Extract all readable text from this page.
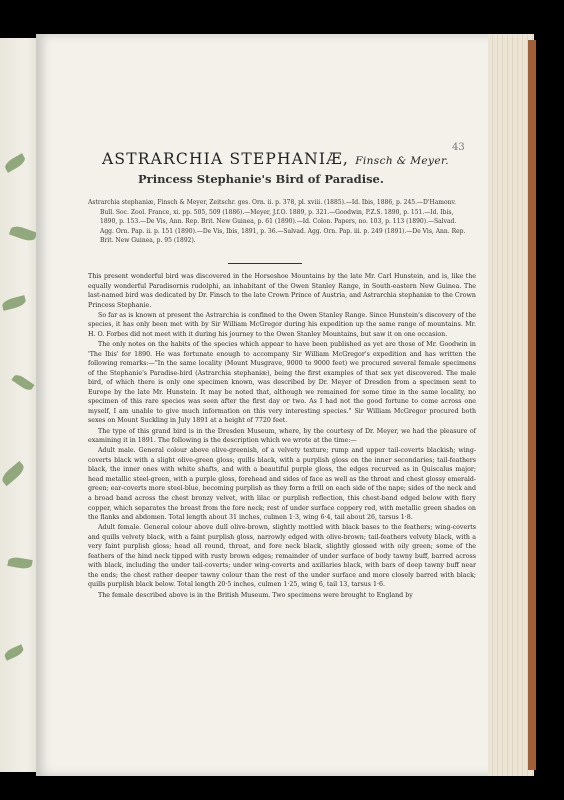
43
ASTRARCHIA STEPHANIÆ, Finsch & Meyer.
Princess Stephanie's Bird of Paradise.

Astrarchia stephaniæ, Finsch & Meyer, Zeitschr. ges. Orn. ii. p. 378, pl. xviii. (1885).—Id. Ibis, 1886, p. 245.—D'Hamonv. Bull. Soc. Zool. France, xi. pp. 505, 509 (1886).—Meyer, J.f.O. 1889, p. 321.—Goodwin, P.Z.S. 1890, p. 151.—Id. Ibis, 1890, p. 153.—De Vis, Ann. Rep. Brit. New Guinea, p. 61 (1890).—Id. Colon. Papers, no. 103, p. 113 (1890).—Salvad. Agg. Orn. Pap. ii. p. 151 (1890).—De Vis, Ibis, 1891, p. 36.—Salvad. Agg. Orn. Pap. iii. p. 249 (1891).—De Vis, Ann. Rep. Brit. New Guinea, p. 95 (1892).

This present wonderful bird was discovered in the Horseshoe Mountains by the late Mr. Carl Hunstein, and is, like the equally wonderful Paradisornis rudolphi, an inhabitant of the Owen Stanley Range, in South-eastern New Guinea. The last-named bird was dedicated by Dr. Finsch to the late Crown Prince of Austria, and Astrarchia stephaniæ to the Crown Princess Stephanie.

So far as is known at present the Astrarchia is confined to the Owen Stanley Range. Since Hunstein's discovery of the species, it has only been met with by Sir William McGregor during his expedition up the same range of mountains. Mr. H. O. Forbes did not meet with it during his journey to the Owen Stanley Mountains, but saw it on one occasion.

The only notes on the habits of the species which appear to have been published as yet are those of Mr. Goodwin in 'The Ibis' for 1890. He was fortunate enough to accompany Sir William McGregor's expedition and has written the following remarks:—"In the same locality (Mount Musgrave, 9000 to 9000 feet) we procured several female specimens of the Stephanie's Paradise-bird (Astrarchia stephaniæ), being the first examples of that sex yet discovered. The male bird, of which there is only one specimen known, was described by Dr. Meyer of Dresden from a specimen sent to Europe by the late Mr. Hunstein. It may be noted that, although we remained for some time in the same locality, no specimen of this rare species was seen after the first day or two. As I had not the good fortune to come across one myself, I am unable to give much information on this very interesting species." Sir William McGregor procured both sexes on Mount Suckling in July 1891 at a height of 7720 feet.

The type of this grand bird is in the Dresden Museum, where, by the courtesy of Dr. Meyer, we had the pleasure of examining it in 1891. The following is the description which we wrote at the time:—

Adult male. General colour above olive-greenish, of a velvety texture; rump and upper tail-coverts blackish; wing-coverts black with a slight olive-green gloss; quills black, with a purplish gloss on the inner secondaries; tail-feathers black, the inner ones with white shafts, and with a beautiful purple gloss, the edges recurved as in Quiscalus major; head metallic steel-green, with a purple gloss, forehead and sides of face as well as the throat and chest glossy emerald-green; ear-coverts more steel-blue, becoming purplish as they form a frill on each side of the nape; sides of the neck and a broad band across the chest bronzy velvet, with lilac or purplish reflection, this chest-band edged below with fiery copper, which separates the breast from the fore neck; rest of under surface coppery red, with metallic green shades on the flanks and abdomen. Total length about 31 inches, culmen 1·3, wing 6·4, tail about 26, tarsus 1·8.

Adult female. General colour above dull olive-brown, slightly mottled with black bases to the feathers; wing-coverts and quills velvety black, with a faint purplish gloss, narrowly edged with olive-brown; tail-feathers velvety black, with a very faint purplish gloss; head all round, throat, and fore neck black, slightly glossed with oily green; some of the feathers of the hind neck tipped with rusty brown edges; remainder of under surface of body tawny buff, barred across with black, including the under tail-coverts; under wing-coverts and axillaries black, with bars of deep tawny buff near the ends; the chest rather deeper tawny colour than the rest of the under surface and more closely barred with black; quills purplish black below. Total length 20·5 inches, culmen 1·25, wing 6, tail 13, tarsus 1·6.

The female described above is in the British Museum. Two specimens were brought to England by
